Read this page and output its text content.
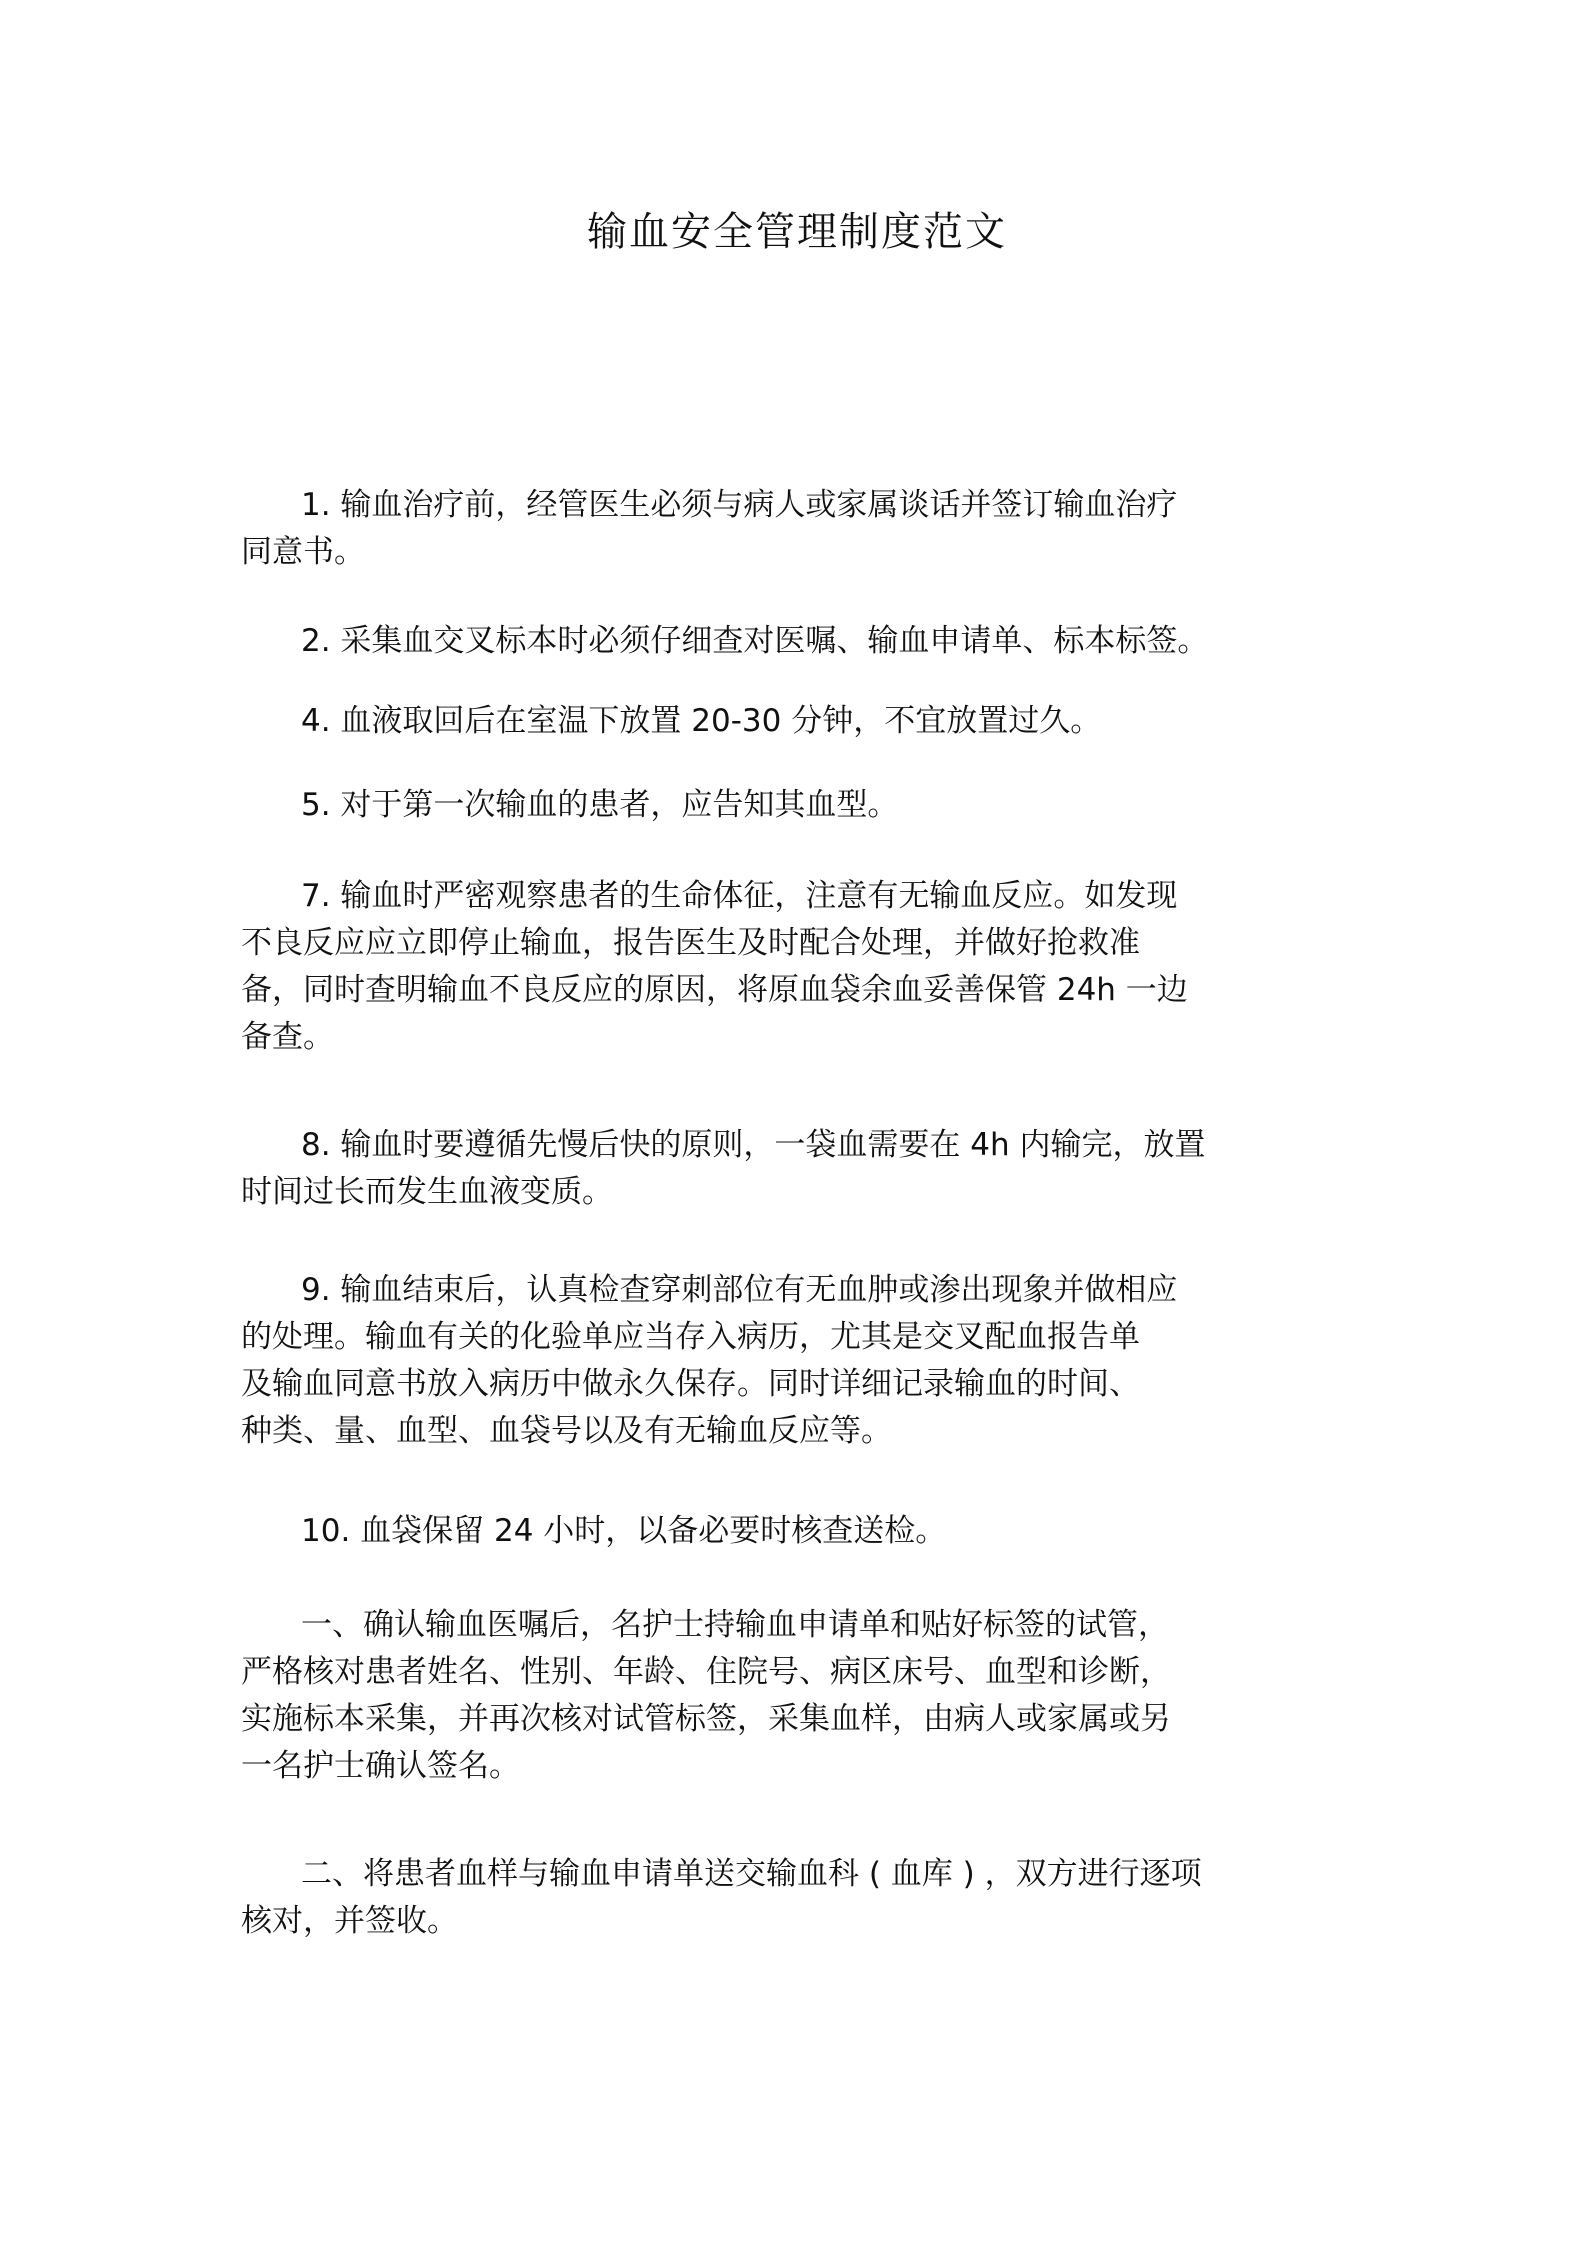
输血安全管理制度范文

1. 输血治疗前，经管医生必须与病人或家属谈话并签订输血治疗
同意书。

2. 采集血交叉标本时必须仔细查对医嘱、输血申请单、标本标签。

4. 血液取回后在室温下放置 20-30 分钟，不宜放置过久。

5. 对于第一次输血的患者，应告知其血型。

7. 输血时严密观察患者的生命体征，注意有无输血反应。如发现
不良反应应立即停止输血，报告医生及时配合处理，并做好抢救准
备，同时查明输血不良反应的原因，将原血袋余血妥善保管 24h 一边
备查。

8. 输血时要遵循先慢后快的原则，一袋血需要在 4h 内输完，放置
时间过长而发生血液变质。

9. 输血结束后，认真检查穿刺部位有无血肿或渗出现象并做相应
的处理。输血有关的化验单应当存入病历，尤其是交叉配血报告单
及输血同意书放入病历中做永久保存。同时详细记录输血的时间、
种类、量、血型、血袋号以及有无输血反应等。

10. 血袋保留 24 小时，以备必要时核查送检。

一、确认输血医嘱后，名护士持输血申请单和贴好标签的试管，
严格核对患者姓名、性别、年龄、住院号、病区床号、血型和诊断，
实施标本采集，并再次核对试管标签，采集血样，由病人或家属或另
一名护士确认签名。

二、将患者血样与输血申请单送交输血科 ( 血库 ) ，双方进行逐项
核对，并签收。
